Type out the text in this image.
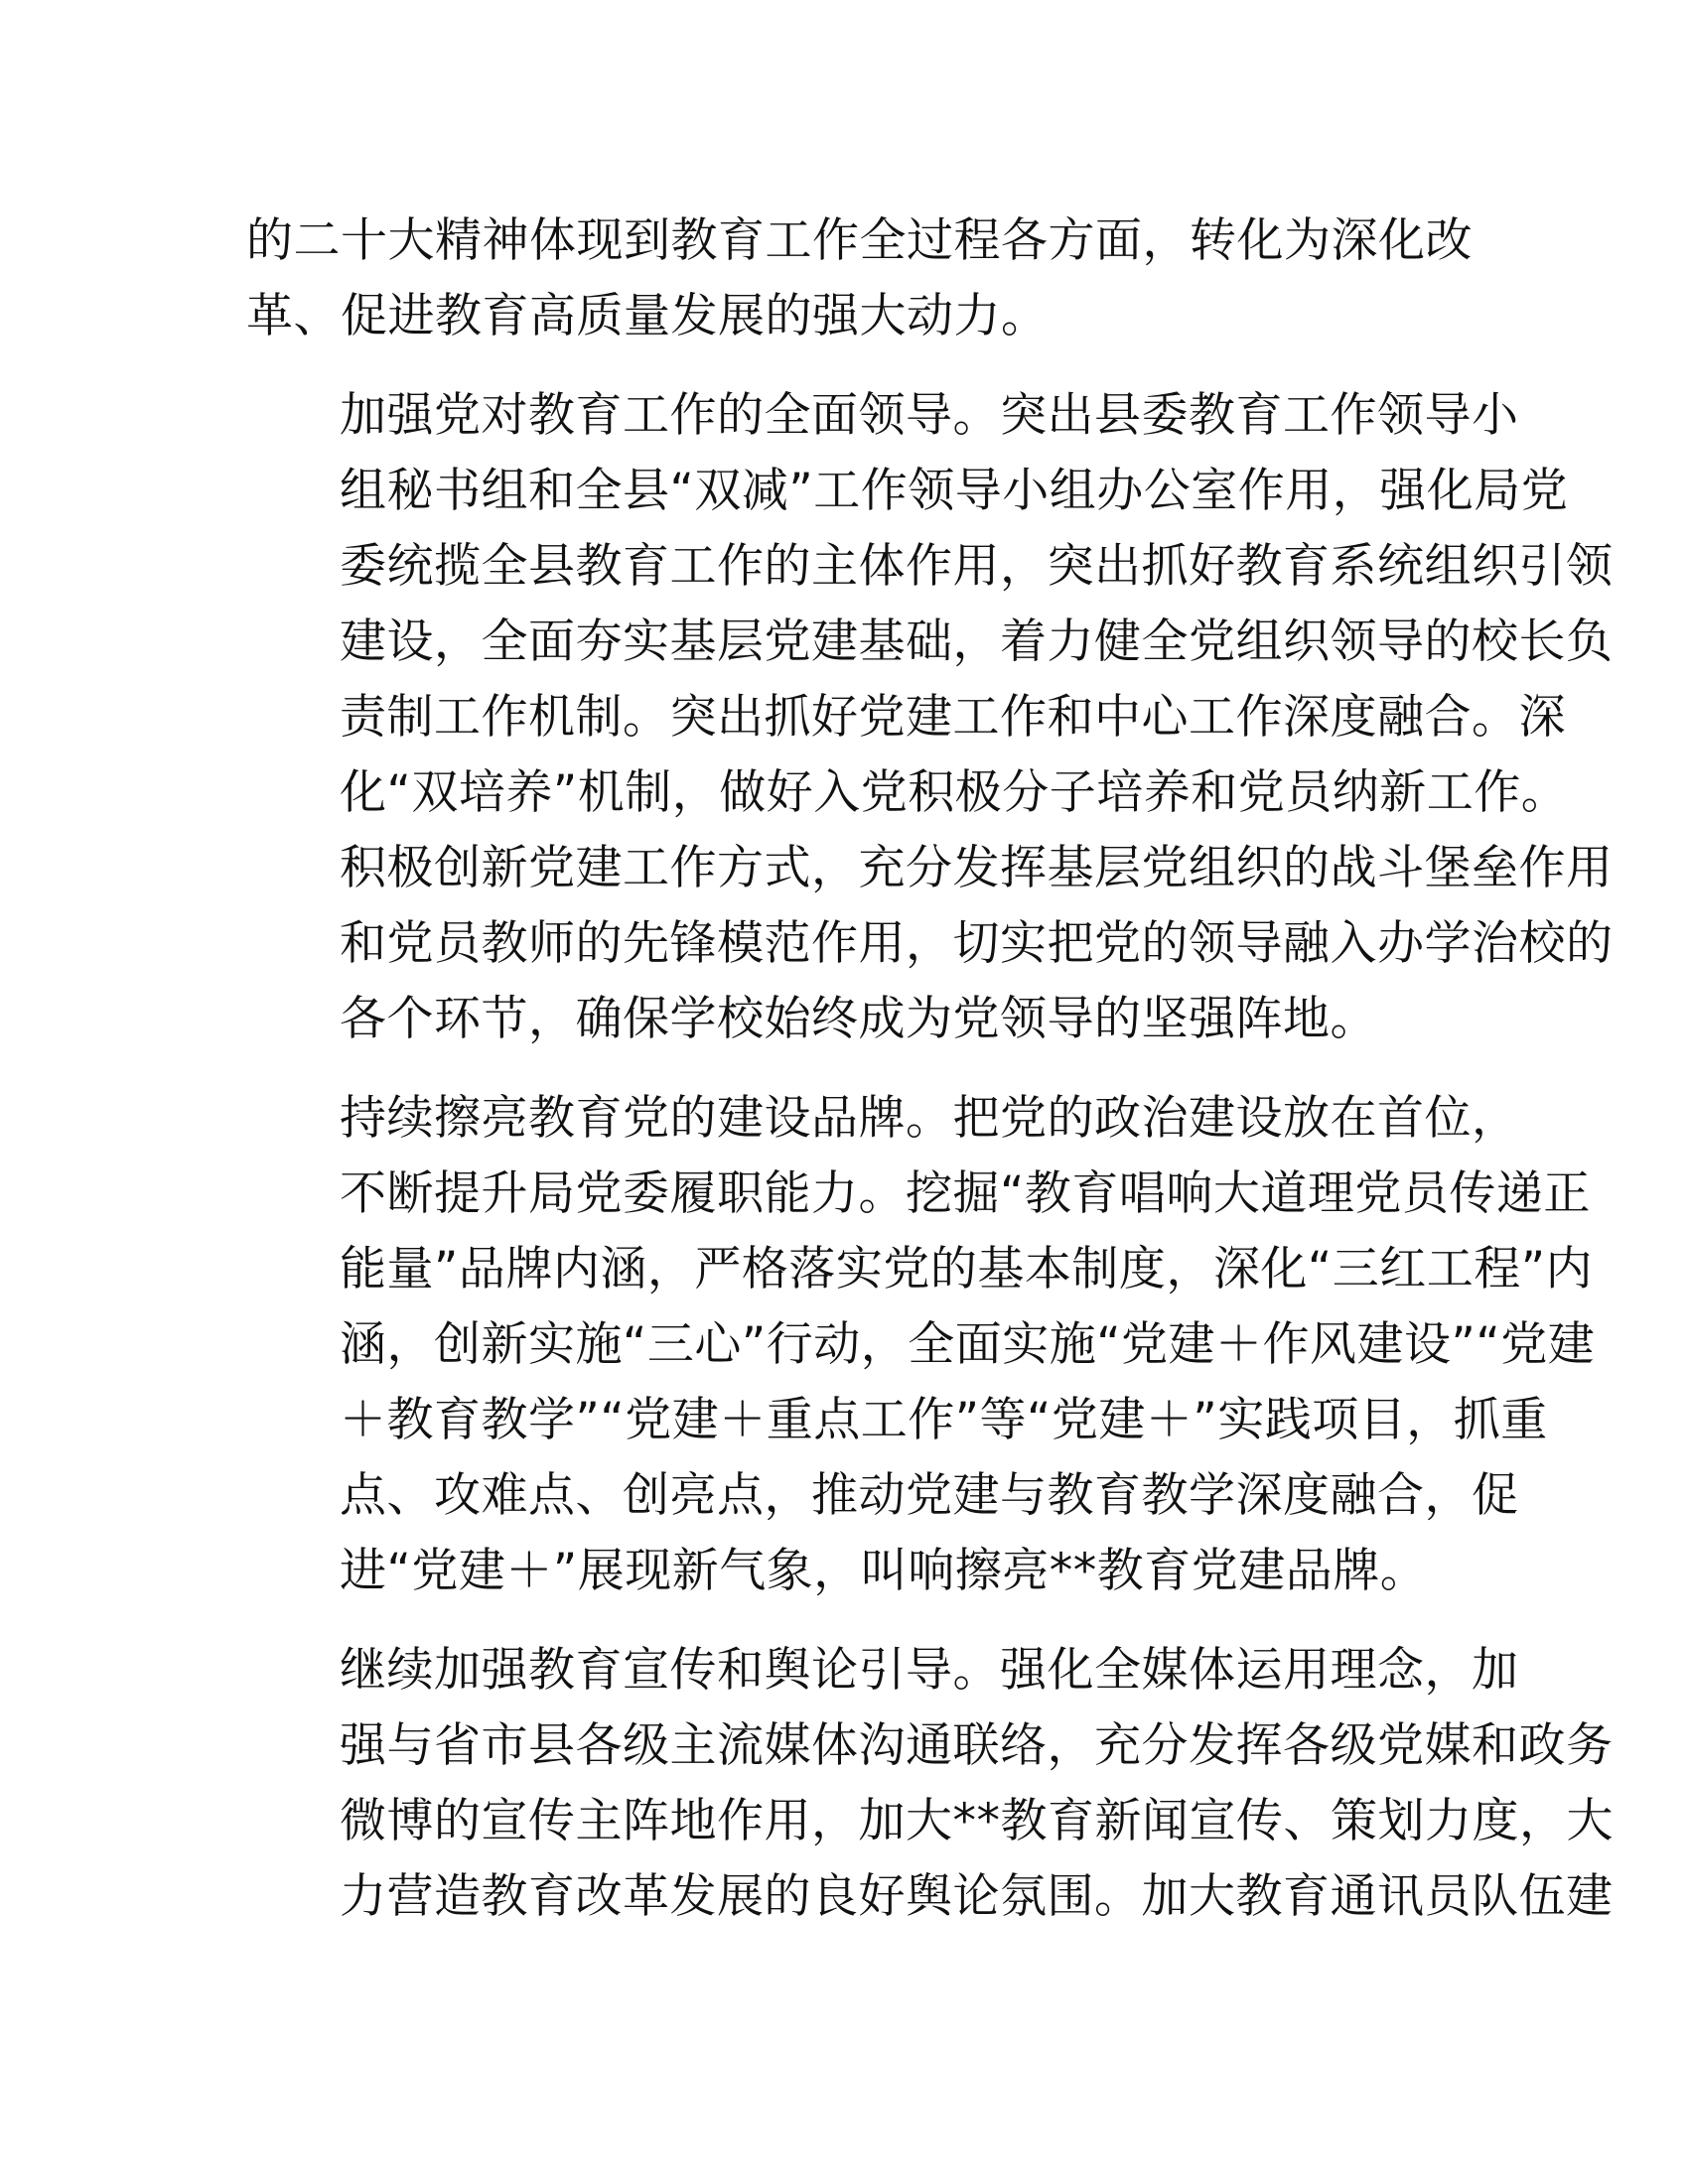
的二十大精神体现到教育工作全过程各方面，转化为深化改
革、促进教育高质量发展的强大动力。

加强党对教育工作的全面领导。突出县委教育工作领导小
组秘书组和全县“双减”工作领导小组办公室作用，强化局党
委统揽全县教育工作的主体作用，突出抓好教育系统组织引领
建设，全面夯实基层党建基础，着力健全党组织领导的校长负
责制工作机制。突出抓好党建工作和中心工作深度融合。深
化“双培养”机制，做好入党积极分子培养和党员纳新工作。
积极创新党建工作方式，充分发挥基层党组织的战斗堡垒作用
和党员教师的先锋模范作用，切实把党的领导融入办学治校的
各个环节，确保学校始终成为党领导的坚强阵地。

持续擦亮教育党的建设品牌。把党的政治建设放在首位，
不断提升局党委履职能力。挖掘“教育唱响大道理党员传递正
能量”品牌内涵，严格落实党的基本制度，深化“三红工程”内
涵，创新实施“三心”行动，全面实施“党建＋作风建设”“党建
＋教育教学”“党建＋重点工作”等“党建＋”实践项目，抓重
点、攻难点、创亮点，推动党建与教育教学深度融合，促
进“党建＋”展现新气象，叫响擦亮**教育党建品牌。

继续加强教育宣传和舆论引导。强化全媒体运用理念，加
强与省市县各级主流媒体沟通联络，充分发挥各级党媒和政务
微博的宣传主阵地作用，加大**教育新闻宣传、策划力度，大
力营造教育改革发展的良好舆论氛围。加大教育通讯员队伍建
